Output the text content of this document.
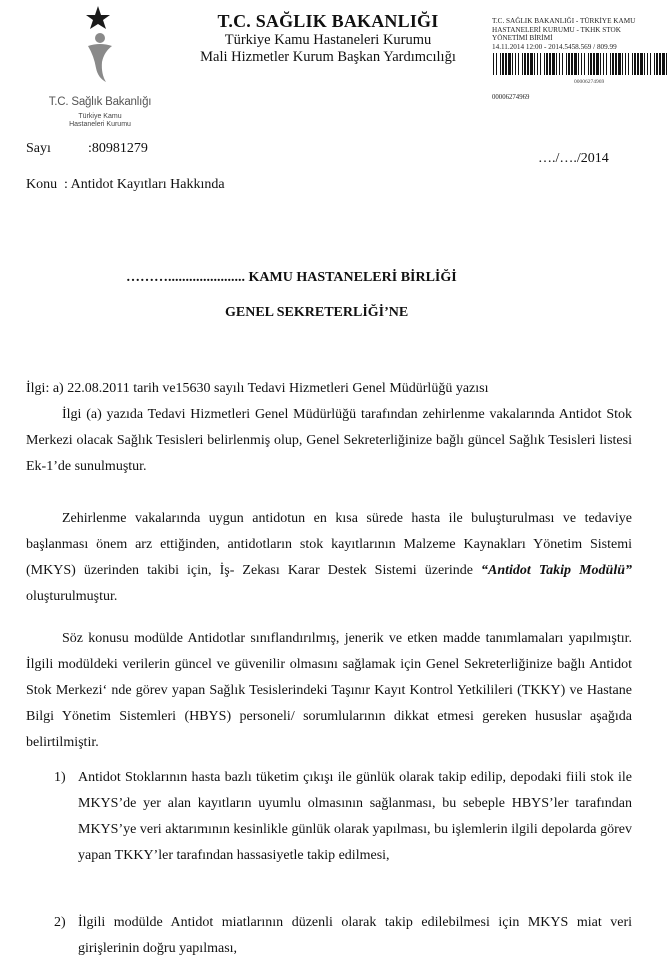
T.C. Sağlık Bakanlığı
Türkiye Kamu
Hastaneleri Kurumu
T.C. SAĞLIK BAKANLIĞI
Türkiye Kamu Hastaneleri Kurumu
Mali Hizmetler Kurum Başkan Yardımcılığı
T.C. SAĞLIK BAKANLIĞI - TÜRKİYE KAMU
HASTANELERİ KURUMU - TKHK STOK
YÖNETİMİ BİRİMİ
14.11.2014 12:00 - 2014.5458.569 / 809.99
00006274969
00006274969
Sayı	:80981279
…./…./2014
Konu : Antidot Kayıtları Hakkında
………...................... KAMU HASTANELERİ BİRLİĞİ
GENEL SEKRETERLİĞİ’NE
İlgi: a) 22.08.2011 tarih ve15630 sayılı Tedavi Hizmetleri Genel Müdürlüğü yazısı
İlgi (a) yazıda Tedavi Hizmetleri Genel Müdürlüğü tarafından zehirlenme vakalarında Antidot Stok Merkezi olacak Sağlık Tesisleri belirlenmiş olup, Genel Sekreterliğinize bağlı güncel Sağlık Tesisleri listesi Ek-1’de sunulmuştur.
Zehirlenme vakalarında uygun antidotun en kısa sürede hasta ile buluşturulması ve tedaviye başlanması önem arz ettiğinden, antidotların stok kayıtlarının Malzeme Kaynakları Yönetim Sistemi (MKYS) üzerinden takibi için, İş- Zekası Karar Destek Sistemi üzerinde “Antidot Takip Modülü” oluşturulmuştur.
Söz konusu modülde Antidotlar sınıflandırılmış, jenerik ve etken madde tanımlamaları yapılmıştır. İlgili modüldeki verilerin güncel ve güvenilir olmasını sağlamak için Genel Sekreterliğinize bağlı Antidot Stok Merkezi‘ nde görev yapan Sağlık Tesislerindeki Taşınır Kayıt Kontrol Yetkilileri (TKKY) ve Hastane Bilgi Yönetim Sistemleri (HBYS) personeli/ sorumlularının dikkat etmesi gereken hususlar aşağıda belirtilmiştir.
1) Antidot Stoklarının hasta bazlı tüketim çıkışı ile günlük olarak takip edilip, depodaki fiili stok ile MKYS’de yer alan kayıtların uyumlu olmasının sağlanması, bu sebeple HBYS’ler tarafından MKYS’ye veri aktarımının kesinlikle günlük olarak yapılması, bu işlemlerin ilgili depolarda görev yapan TKKY’ler tarafından hassasiyetle takip edilmesi,
2) İlgili modülde Antidot miatlarının düzenli olarak takip edilebilmesi için MKYS miat veri girişlerinin doğru yapılması,
